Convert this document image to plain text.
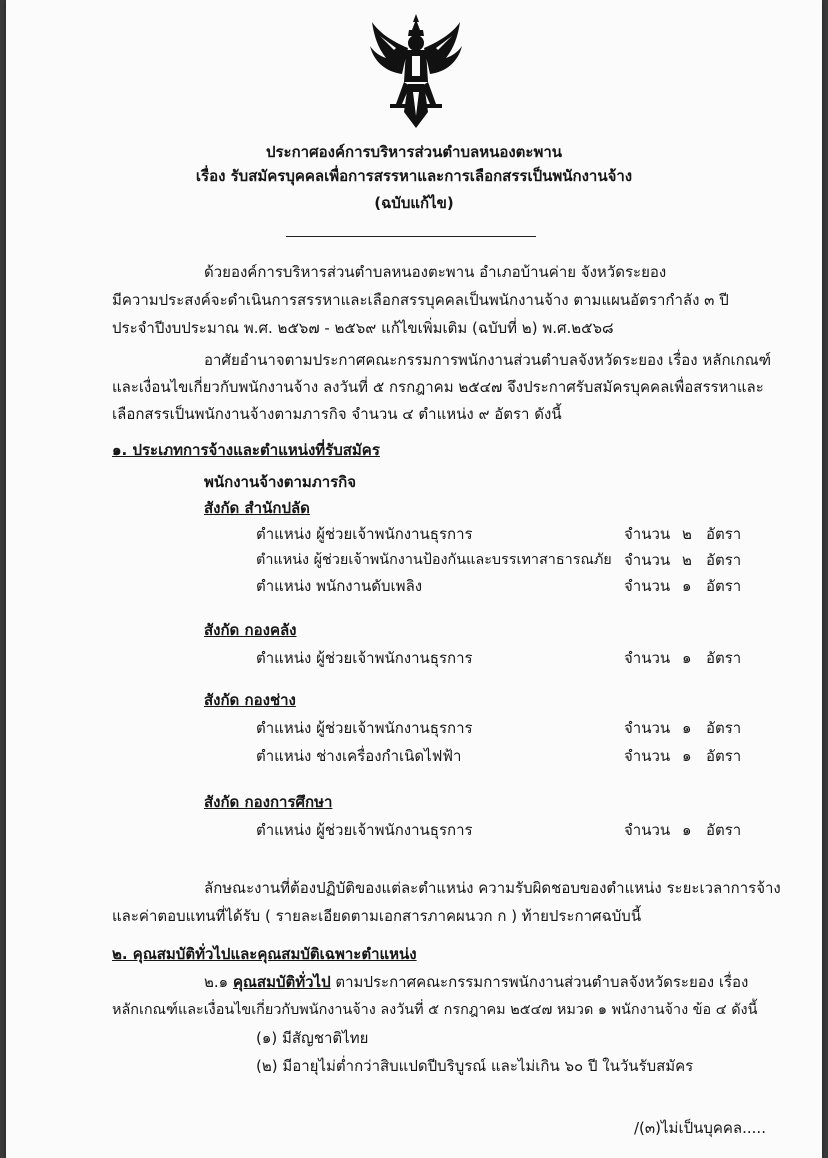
ประกาศองค์การบริหารส่วนตำบลหนองตะพาน
เรื่อง รับสมัครบุคคลเพื่อการสรรหาและการเลือกสรรเป็นพนักงานจ้าง
(ฉบับแก้ไข)
ด้วยองค์การบริหารส่วนตำบลหนองตะพาน อำเภอบ้านค่าย จังหวัดระยอง
มีความประสงค์จะดำเนินการสรรหาและเลือกสรรบุคคลเป็นพนักงานจ้าง ตามแผนอัตรากำลัง ๓ ปี
ประจำปีงบประมาณ พ.ศ. ๒๕๖๗ - ๒๕๖๙ แก้ไขเพิ่มเติม (ฉบับที่ ๒) พ.ศ.๒๕๖๘
อาศัยอำนาจตามประกาศคณะกรรมการพนักงานส่วนตำบลจังหวัดระยอง เรื่อง หลักเกณฑ์
และเงื่อนไขเกี่ยวกับพนักงานจ้าง ลงวันที่ ๕ กรกฎาคม ๒๕๔๗ จึงประกาศรับสมัครบุคคลเพื่อสรรหาและ
เลือกสรรเป็นพนักงานจ้างตามภารกิจ จำนวน ๔ ตำแหน่ง ๙ อัตรา ดังนี้
๑. ประเภทการจ้างและตำแหน่งที่รับสมัคร
พนักงานจ้างตามภารกิจ
สังกัด สำนักปลัด
ตำแหน่ง ผู้ช่วยเจ้าพนักงานธุรการ	จำนวน ๒ อัตรา
ตำแหน่ง ผู้ช่วยเจ้าพนักงานป้องกันและบรรเทาสาธารณภัย จำนวน ๒ อัตรา
ตำแหน่ง พนักงานดับเพลิง	จำนวน ๑ อัตรา
สังกัด กองคลัง
ตำแหน่ง ผู้ช่วยเจ้าพนักงานธุรการ	จำนวน ๑ อัตรา
สังกัด กองช่าง
ตำแหน่ง ผู้ช่วยเจ้าพนักงานธุรการ	จำนวน ๑ อัตรา
ตำแหน่ง ช่างเครื่องกำเนิดไฟฟ้า	จำนวน ๑ อัตรา
สังกัด กองการศึกษา
ตำแหน่ง ผู้ช่วยเจ้าพนักงานธุรการ	จำนวน ๑ อัตรา
ลักษณะงานที่ต้องปฏิบัติของแต่ละตำแหน่ง ความรับผิดชอบของตำแหน่ง ระยะเวลาการจ้าง
และค่าตอบแทนที่ได้รับ ( รายละเอียดตามเอกสารภาคผนวก ก ) ท้ายประกาศฉบับนี้
๒. คุณสมบัติทั่วไปและคุณสมบัติเฉพาะตำแหน่ง
๒.๑ คุณสมบัติทั่วไป ตามประกาศคณะกรรมการพนักงานส่วนตำบลจังหวัดระยอง เรื่อง
หลักเกณฑ์และเงื่อนไขเกี่ยวกับพนักงานจ้าง ลงวันที่ ๕ กรกฎาคม ๒๕๔๗ หมวด ๑ พนักงานจ้าง ข้อ ๔ ดังนี้
(๑) มีสัญชาติไทย
(๒) มีอายุไม่ต่ำกว่าสิบแปดปีบริบูรณ์ และไม่เกิน ๖๐ ปี ในวันรับสมัคร
/(๓)ไม่เป็นบุคคล.....
